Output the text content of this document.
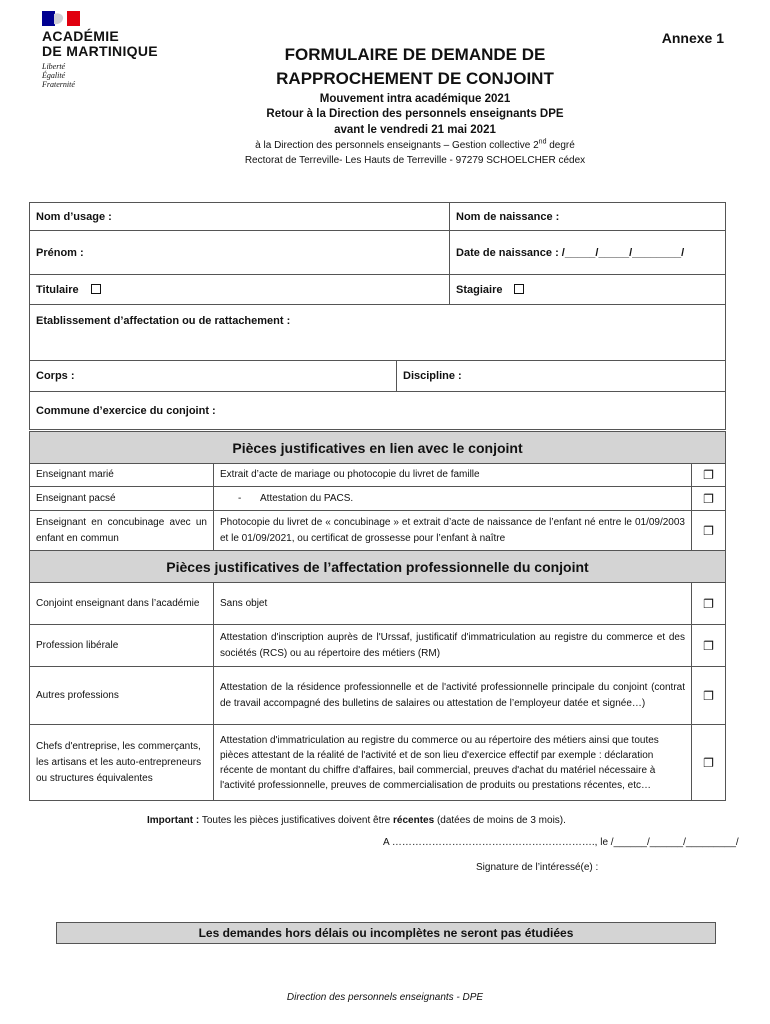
ACADÉMIE
DE MARTINIQUE
Liberté
Égalité
Fraternité
Annexe 1
FORMULAIRE DE DEMANDE DE
RAPPROCHEMENT DE CONJOINT
Mouvement intra académique 2021
Retour à la Direction des personnels enseignants DPE
avant le vendredi 21 mai 2021
à la Direction des personnels enseignants – Gestion collective 2nd degré
Rectorat de Terreville- Les Hauts de Terreville - 97279 SCHOELCHER cédex
Nom d’usage :		Nom de naissance :
Prénom :		Date de naissance : /_____/_____/________/
Titulaire		Stagiaire
Etablissement d’affectation ou de rattachement :		
Corps :	Discipline :	
Commune d’exercice du conjoint :		
Pièces justificatives en lien avec le conjoint		
Enseignant marié	Extrait d’acte de mariage ou photocopie du livret de famille	❐
Enseignant pacsé	- Attestation du PACS.	❐
Enseignant en concubinage avec un enfant en commun	Photocopie du livret de « concubinage » et extrait d’acte de naissance de l’enfant né entre le 01/09/2003 et le 01/09/2021, ou certificat de grossesse pour l’enfant à naître	❐
Pièces justificatives de l’affectation professionnelle du conjoint		
Conjoint enseignant dans l’académie	Sans objet	❐
Profession libérale	Attestation d'inscription auprès de l'Urssaf, justificatif d'immatriculation au registre du commerce et des sociétés (RCS) ou au répertoire des métiers (RM)	❐
Autres professions	Attestation de la résidence professionnelle et de l'activité professionnelle principale du conjoint (contrat de travail accompagné des bulletins de salaires ou attestation de l’employeur datée et signée…)	❐
Chefs d'entreprise, les commerçants, les artisans et les auto-entrepreneurs ou structures équivalentes	Attestation d'immatriculation au registre du commerce ou au répertoire des métiers ainsi que toutes pièces attestant de la réalité de l'activité et de son lieu d'exercice effectif par exemple : déclaration récente de montant du chiffre d'affaires, bail commercial, preuves d'achat du matériel nécessaire à l'activité professionnelle, preuves de commercialisation de produits ou prestations récentes, etc…	❐
Important : Toutes les pièces justificatives doivent être récentes (datées de moins de 3 mois).
A ……………………………………………………., le /______/______/_________/
Signature de l’intéressé(e) :
Les demandes hors délais ou incomplètes ne seront pas étudiées
Direction des personnels enseignants - DPE
